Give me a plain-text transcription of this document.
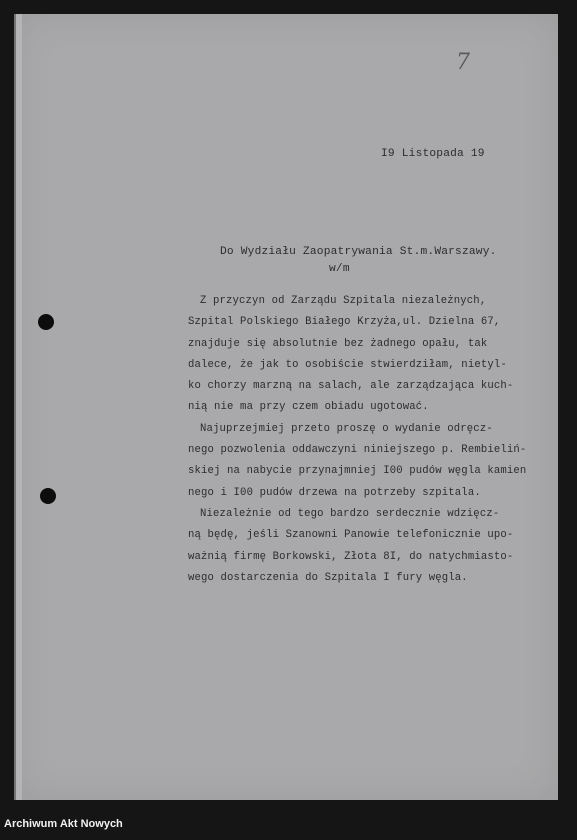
7
I9 Listopada 19
Do Wydziału Zaopatrywania St.m.Warszawy.
w/m
Z przyczyn od Zarządu Szpitala niezależnych,
Szpital Polskiego Białego Krzyża,ul. Dzielna 67,
znajduje się absolutnie bez żadnego opału, tak
dalece, że jak to osobiście stwierdziłam, nietyl-
ko chorzy marzną na salach, ale zarządzająca kuch-
nią nie ma przy czem obiadu ugotować.
Najuprzejmiej przeto proszę o wydanie odręcz-
nego pozwolenia oddawczyni niniejszego p. Rembieliń-
skiej na nabycie przynajmniej I00 pudów węgla kamien
nego i I00 pudów drzewa na potrzeby szpitala.
Niezależnie od tego bardzo serdecznie wdzięcz-
ną będę, jeśli Szanowni Panowie telefonicznie upo-
ważnią firmę Borkowski, Złota 8I, do natychmiasto-
wego dostarczenia do Szpitala I fury węgla.
Archiwum Akt Nowych
